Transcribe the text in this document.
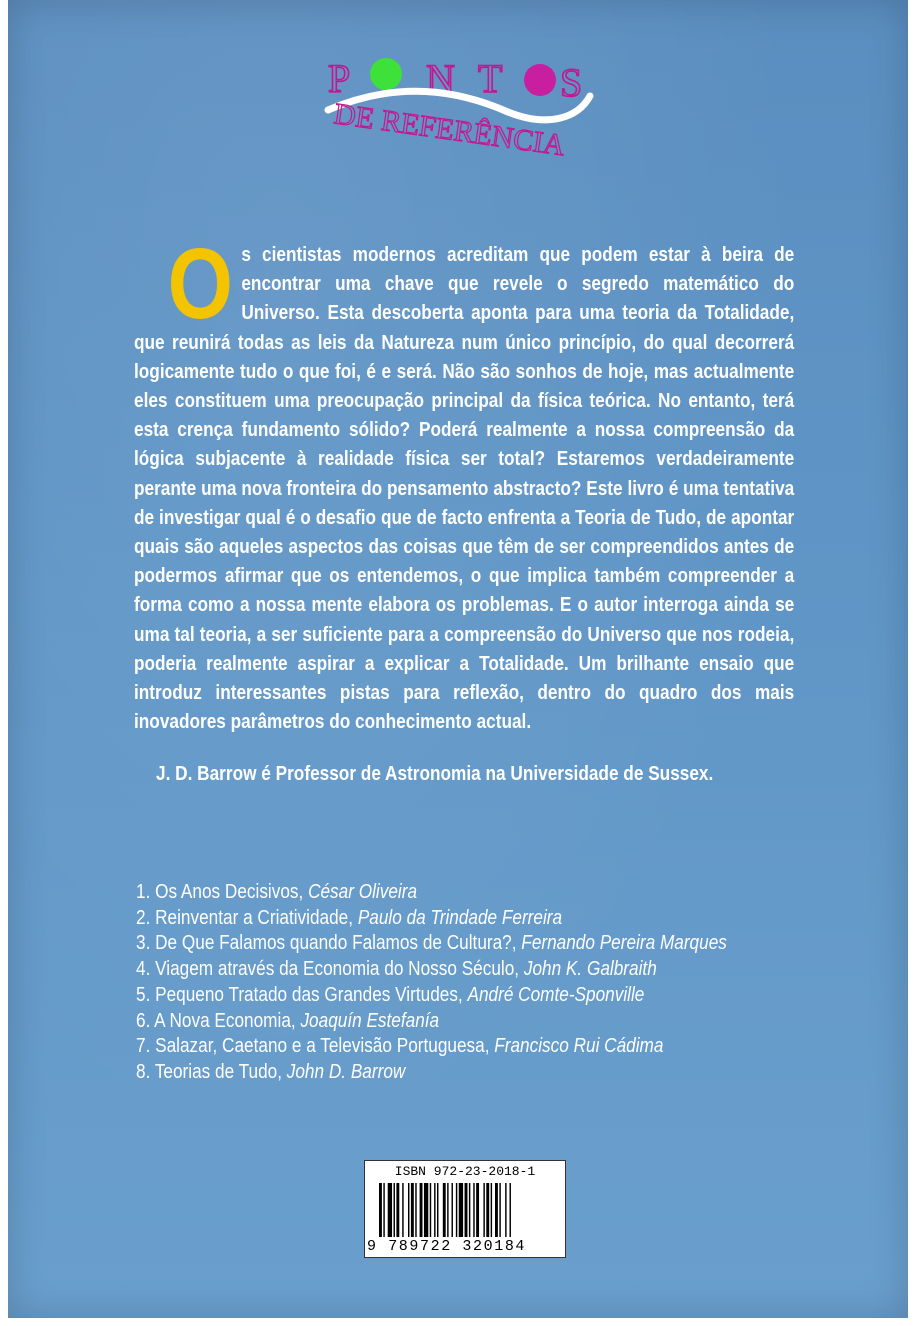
P N T S
DE REFERÊNCIA
O s cientistas modernos acreditam que podem estar à beira de encontrar uma chave que revele o segredo matemático do Universo. Esta descoberta aponta para uma teoria da Totalidade, que reunirá todas as leis da Natureza num único princípio, do qual decorrerá logicamente tudo o que foi, é e será. Não são sonhos de hoje, mas actualmente eles constituem uma preocupação principal da física teórica. No entanto, terá esta crença fundamento sólido? Poderá realmente a nossa compreensão da lógica subjacente à realidade física ser total? Estaremos verdadeiramente perante uma nova fronteira do pensamento abstracto? Este livro é uma tentativa de investigar qual é o desafio que de facto enfrenta a Teoria de Tudo, de apontar quais são aqueles aspectos das coisas que têm de ser compreendidos antes de podermos afirmar que os entendemos, o que implica também compreender a forma como a nossa mente elabora os problemas. E o autor interroga ainda se uma tal teoria, a ser suficiente para a compreensão do Universo que nos rodeia, poderia realmente aspirar a explicar a Totalidade. Um brilhante ensaio que introduz interessantes pistas para reflexão, dentro do quadro dos mais inovadores parâmetros do conhecimento actual.
J. D. Barrow é Professor de Astronomia na Universidade de Sussex.
1. Os Anos Decisivos, César Oliveira
2. Reinventar a Criatividade, Paulo da Trindade Ferreira
3. De Que Falamos quando Falamos de Cultura?, Fernando Pereira Marques
4. Viagem através da Economia do Nosso Século, John K. Galbraith
5. Pequeno Tratado das Grandes Virtudes, André Comte-Sponville
6. A Nova Economia, Joaquín Estefanía
7. Salazar, Caetano e a Televisão Portuguesa, Francisco Rui Cádima
8. Teorias de Tudo, John D. Barrow
ISBN 972-23-2018-1
9 789722 320184
